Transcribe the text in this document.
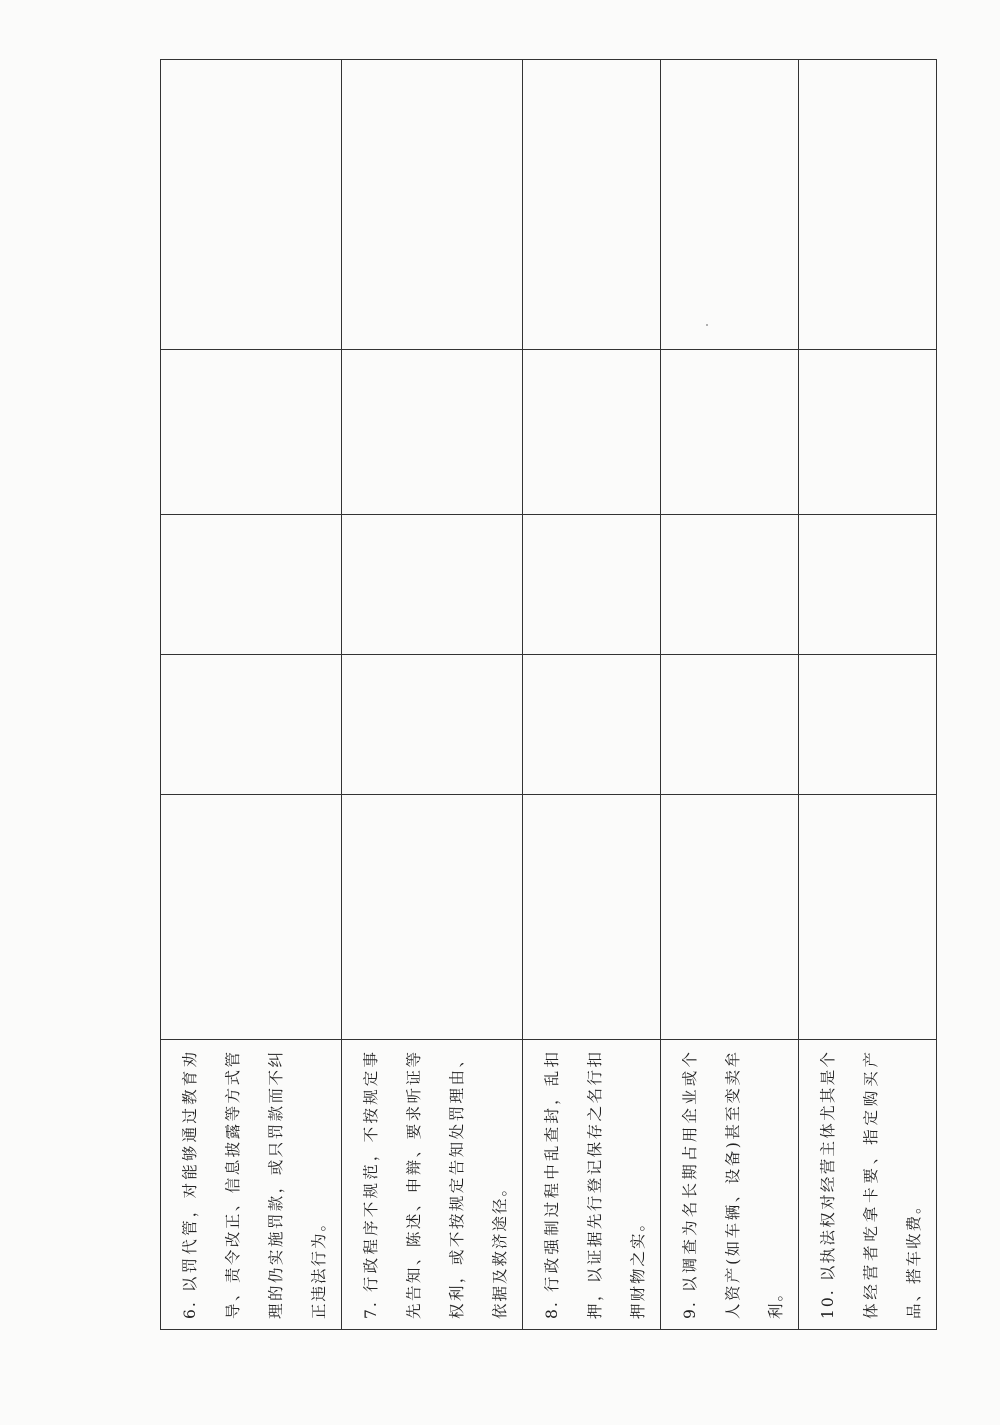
6. 以罚代管，对能够通过教育劝导、责令改正、信息披露等方式管理的仍实施罚款，或只罚款而不纠正违法行为。					

7. 行政程序不规范，不按规定事先告知、陈述、申辩、要求听证等权利，或不按规定告知处罚理由、依据及救济途径。					

8. 行政强制过程中乱查封，乱扣押，以证据先行登记保存之名行扣押财物之实。					

9. 以调查为名长期占用企业或个人资产(如车辆、设备)甚至变卖牟利。					

10. 以执法权对经营主体尤其是个体经营者吃拿卡要、指定购买产品、搭车收费。					
